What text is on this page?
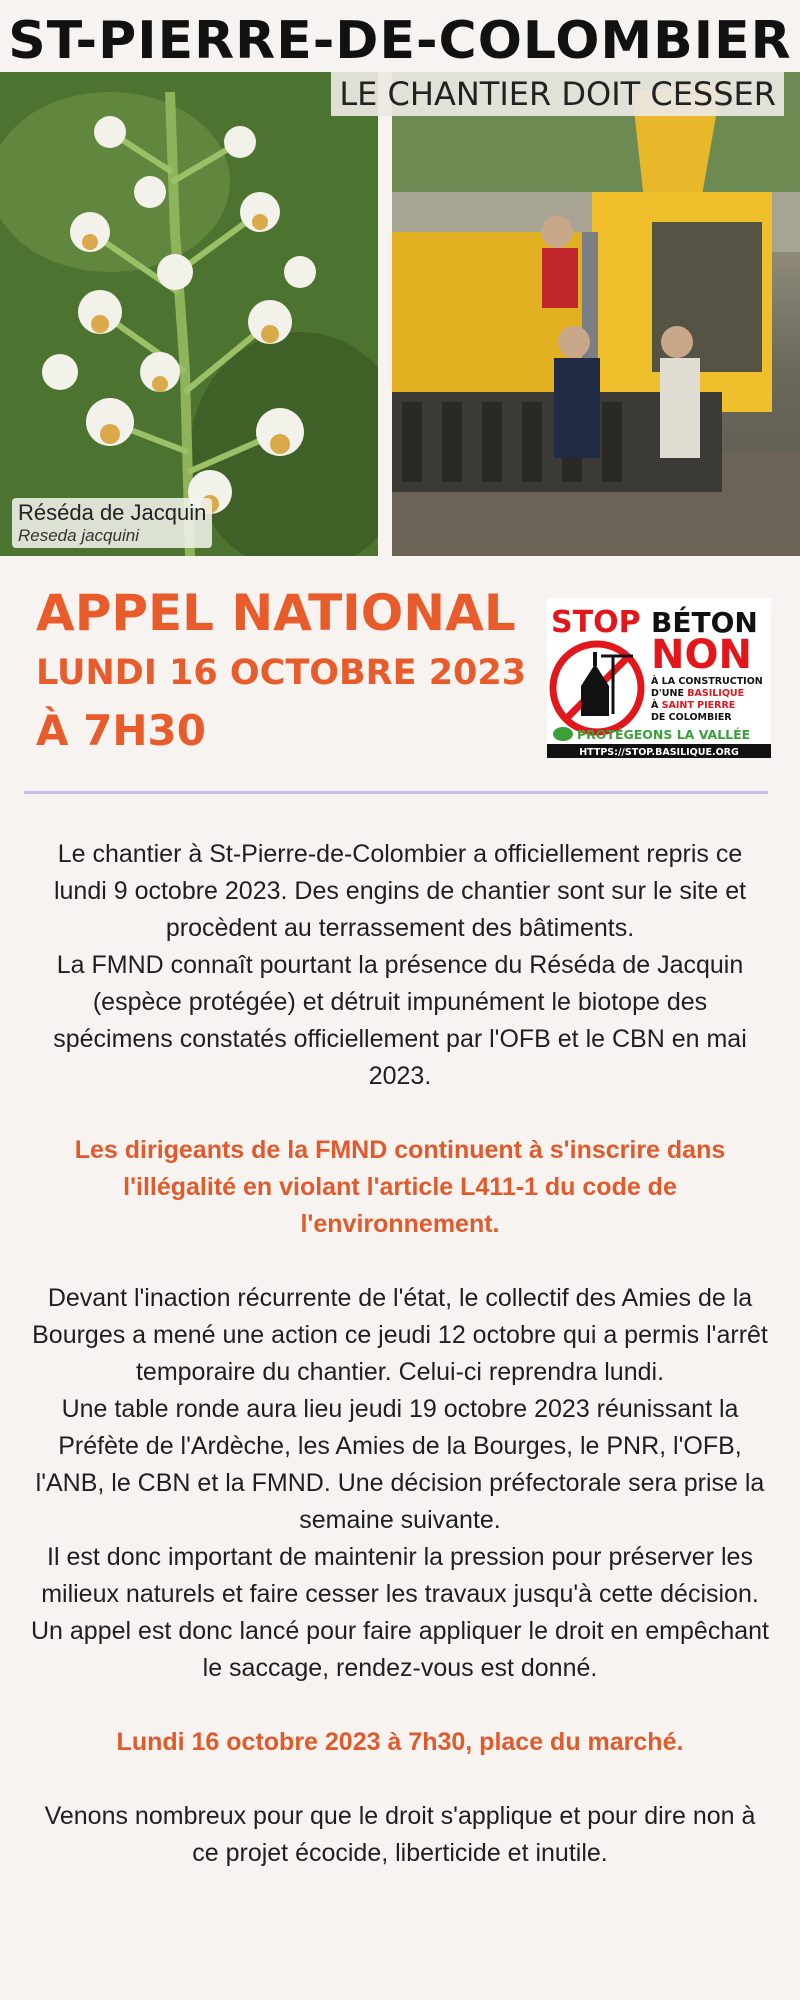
ST-PIERRE-DE-COLOMBIER
Réséda de Jacquin
Reseda jacquini
LE CHANTIER DOIT CESSER
APPEL NATIONAL
LUNDI 16 OCTOBRE 2023
À 7H30
STOP BÉTON
NON
À LA CONSTRUCTION
D'UNE BASILIQUE
À SAINT PIERRE
DE COLOMBIER
PROTÉGEONS LA VALLÉE
HTTPS://STOP.BASILIQUE.ORG

Le chantier à St-Pierre-de-Colombier a officiellement repris ce lundi 9 octobre 2023. Des engins de chantier sont sur le site et procèdent au terrassement des bâtiments.

La FMND connaît pourtant la présence du Réséda de Jacquin (espèce protégée) et détruit impunément le biotope des spécimens constatés officiellement par l'OFB et le CBN en mai 2023.

Les dirigeants de la FMND continuent à s'inscrire dans l'illégalité en violant l'article L411-1 du code de l'environnement.

Devant l'inaction récurrente de l'état, le collectif des Amies de la Bourges a mené une action ce jeudi 12 octobre qui a permis l'arrêt temporaire du chantier. Celui-ci reprendra lundi.

Une table ronde aura lieu jeudi 19 octobre 2023 réunissant la Préfète de l'Ardèche, les Amies de la Bourges, le PNR, l'OFB, l'ANB, le CBN et la FMND. Une décision préfectorale sera prise la semaine suivante.

Il est donc important de maintenir la pression pour préserver les milieux naturels et faire cesser les travaux jusqu'à cette décision.

Un appel est donc lancé pour faire appliquer le droit en empêchant le saccage, rendez-vous est donné.

Lundi 16 octobre 2023 à 7h30, place du marché.

Venons nombreux pour que le droit s'applique et pour dire non à ce projet écocide, liberticide et inutile.
